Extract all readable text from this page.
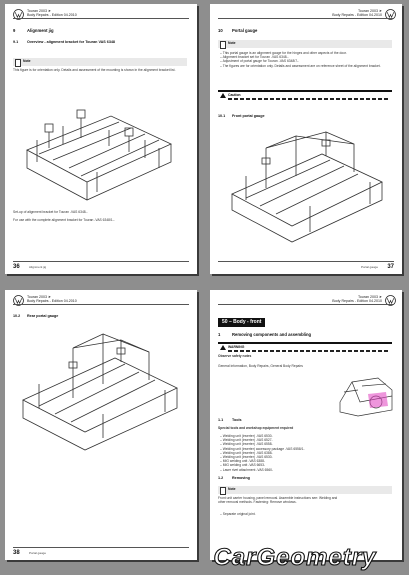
Touran 2003 ➤
Body Repairs - Edition 04.2010
9	Alignment jig
9.1 Overview - alignment bracket for Touran VAS 6348
Note
This figure is for orientation only. Details and assessment of the mounting is shown in the alignment bracket list.
Set-up of alignment bracket for Touran -VAS 6348-.
For use with the complete alignment bracket for Touran -VAS 6348/1-.
36	Alignment jig
Touran 2003 ➤
Body Repairs - Edition 04.2010
10 Portal gauge
Note
– This portal gauge is an alignment gauge for the hinges and other aspects of the door.
– Alignment bracket set for Touran -VAS 6348-.
– Adjustment of portal gauge for Touran -VAS 6348/7-.
– The figures are for orientation only. Details and assessment are on reference sheet of the alignment bracket.
Caution
10.1 Front portal gauge
Portal gauge 37
Touran 2003 ➤
Body Repairs - Edition 04.2010
10.2 Rear portal gauge
38	Portal gauge
Touran 2003 ➤
Body Repairs - Edition 04.2010
50 – Body - front
1	Removing components and assembling
WARNING
Observe safety notes
General information, Body Repairs, General Body Repairs
1.1 Tools
Special tools and workshop equipment required
– Welding unit (inverter) -VAS 6530-
– Welding unit (inverter) -VAS 6527-
– Welding unit (inverter) -VAS 6558-
– Welding unit (inverter) accessory package -VAS 6558/1-
– Welding unit (inverter) -VAS 6388-
– Welding unit (inverter) -VAS 6530-
– MIG welding unit -VAS 6388-
– MIG welding unit -VAS 6653-
– Laser rivet attachment -VAS 6560-
1.2 Removing
Note
Front unit carrier housing, panel removal. Assemble instructions see: Welding and other removal methods. Fastening: Remove windows.
– Separate original joint.
CarGeometry
